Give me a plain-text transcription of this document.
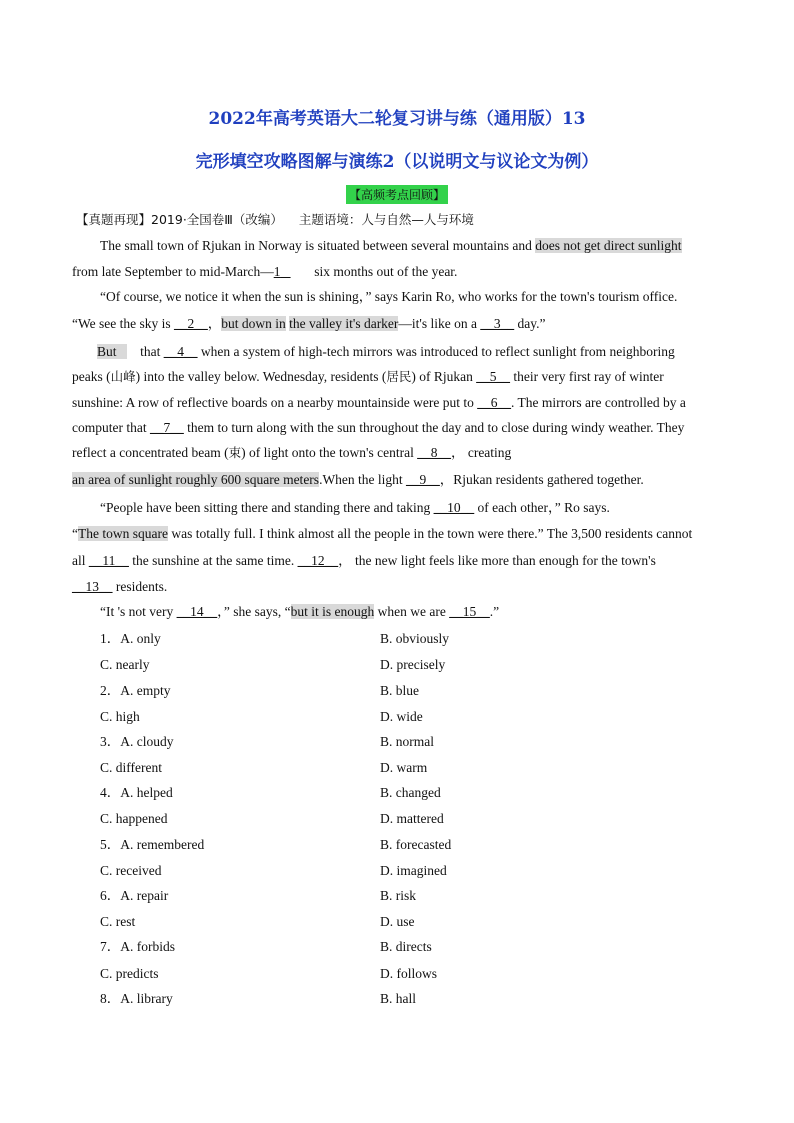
2022年高考英语大二轮复习讲与练（通用版）13
完形填空攻略图解与演练2（以说明文与议论文为例）
【高频考点回顾】
【真题再现】2019·全国卷Ⅲ（改编） 主题语境：人与自然—人与环境
The small town of Rjukan in Norway is situated between several mountains and does not get direct sunlight
from late September to mid-March—1	six months out of the year.
“Of course, we notice it when the sun is shining，” says Karin Ro, who works for the town's tourism office.
“We see the sky is __2__，but down in the valley it's darker—it's like on a __3__ day.”
But that __4__ when a system of high-tech mirrors was introduced to reflect sunlight from neighboring
peaks (山峰) into the valley below. Wednesday, residents (居民) of Rjukan __5__ their very first ray of winter
sunshine: A row of reflective boards on a nearby mountainside were put to __6__. The mirrors are controlled by a
computer that __7__ them to turn along with the sun throughout the day and to close during windy weather. They
reflect a concentrated beam (束) of light onto the town's central __8__， creating
an area of sunlight roughly 600 square meters.When the light __9__，Rjukan residents gathered together.
“People have been sitting there and standing there and taking __10__ of each other，” Ro says.
“The town square was totally full. I think almost all the people in the town were there.” The 3,500 residents cannot
all __11__ the sunshine at the same time. __12__， the new light feels like more than enough for the town's
__13__ residents.
“It 's not very __14__，” she says, “but it is enough when we are __15__.”
1．A. only	B. obviously
C. nearly	D. precisely
2．A. empty	B. blue
C. high	D. wide
3．A. cloudy	B. normal
C. different	D. warm
4．A. helped	B. changed
C. happened	D. mattered
5．A. remembered	B. forecasted
C. received	D. imagined
6．A. repair	B. risk
C. rest	D. use
7．A. forbids	B. directs
C. predicts	D. follows
8．A. library	B. hall
